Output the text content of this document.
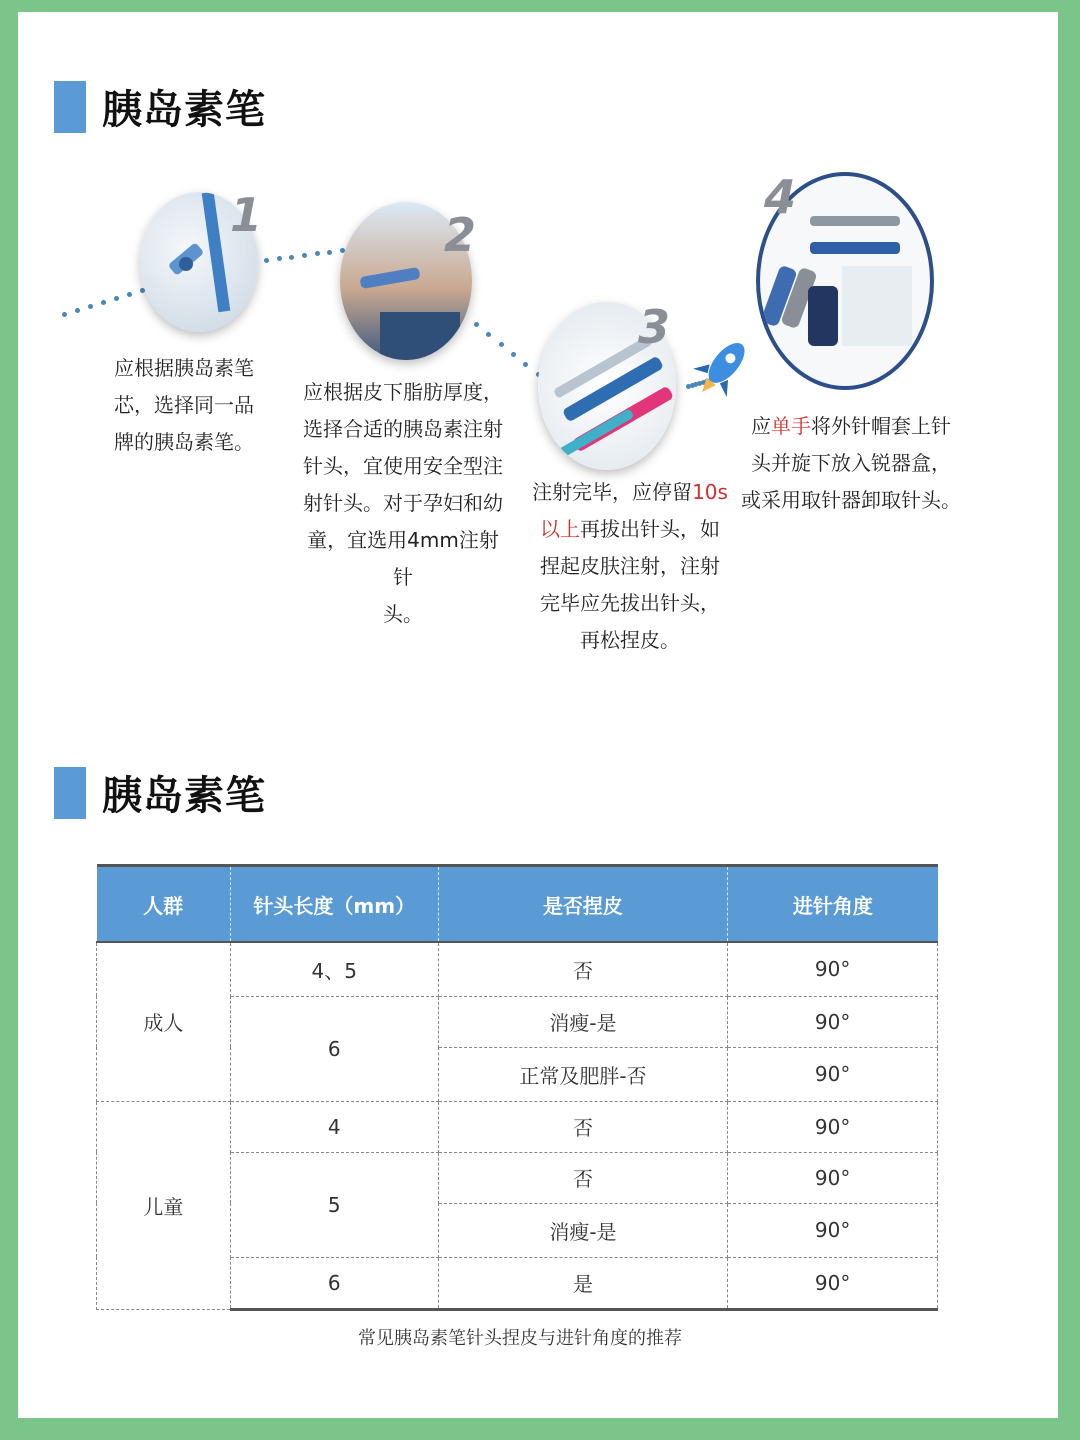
胰岛素笔
1
应根据胰岛素笔
芯，选择同一品
牌的胰岛素笔。
2
应根据皮下脂肪厚度，
选择合适的胰岛素注射
针头，宜使用安全型注
射针头。对于孕妇和幼
童，宜选用4mm注射针
头。
3
注射完毕，应停留10s
以上再拔出针头，如
捏起皮肤注射，注射
完毕应先拔出针头，
再松捏皮。
4
应单手将外针帽套上针
头并旋下放入锐器盒，
或采用取针器卸取针头。
胰岛素笔
人群	针头长度（mm）	是否捏皮	进针角度
成人	4、5	否	90°
	6	消瘦-是	90°
		正常及肥胖-否	90°
儿童	4	否	90°
	5	否	90°
		消瘦-是	90°
	6	是	90°
常见胰岛素笔针头捏皮与进针角度的推荐
